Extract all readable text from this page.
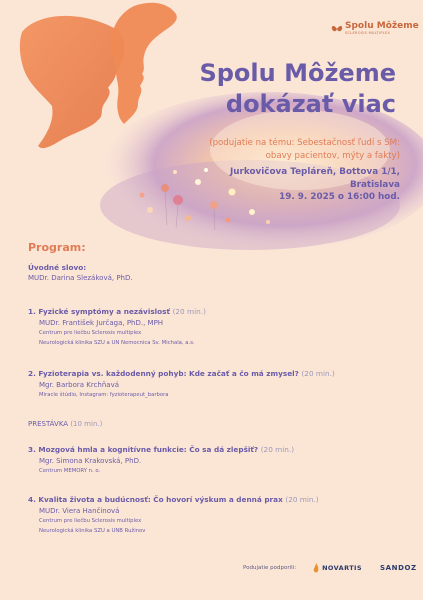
Spolu Môžeme
SCLEROSIS MULTIPLEX
Spolu Môžeme
dokázať viac
(podujatie na tému: Sebestačnosť ľudí s SM:
obavy pacientov, mýty a fakty)
Jurkovičova Tepláreň, Bottova 1/1,
Bratislava
19. 9. 2025 o 16:00 hod.
Program:
Úvodné slovo:
MUDr. Darina Slezáková, PhD.
1. Fyzické symptómy a nezávislosť (20 min.)
MUDr. František Jurčaga, PhD., MPH
Centrum pre liečbu Sclerosis multiplex
Neurologická klinika SZU a UN Nemocnica Sv. Michala, a.s.
2. Fyzioterapia vs. každodenný pohyb: Kde začať a čo má zmysel? (20 min.)
Mgr. Barbora Krchňavá
Miracle štúdio, Instagram: fyzioterapeut_barbora
PRESTÁVKA (10 min.)
3. Mozgová hmla a kognitívne funkcie: Čo sa dá zlepšiť? (20 min.)
Mgr. Simona Krakovská, PhD.
Centrum MEMORY n. o.
4. Kvalita života a budúcnosť: Čo hovorí výskum a denná prax (20 min.)
MUDr. Viera Hančinová
Centrum pre liečbu Sclerosis multiplex
Neurologická klinika SZU a UNB Ružinov
Podujatie podporili:	NOVARTIS	SANDOZ
